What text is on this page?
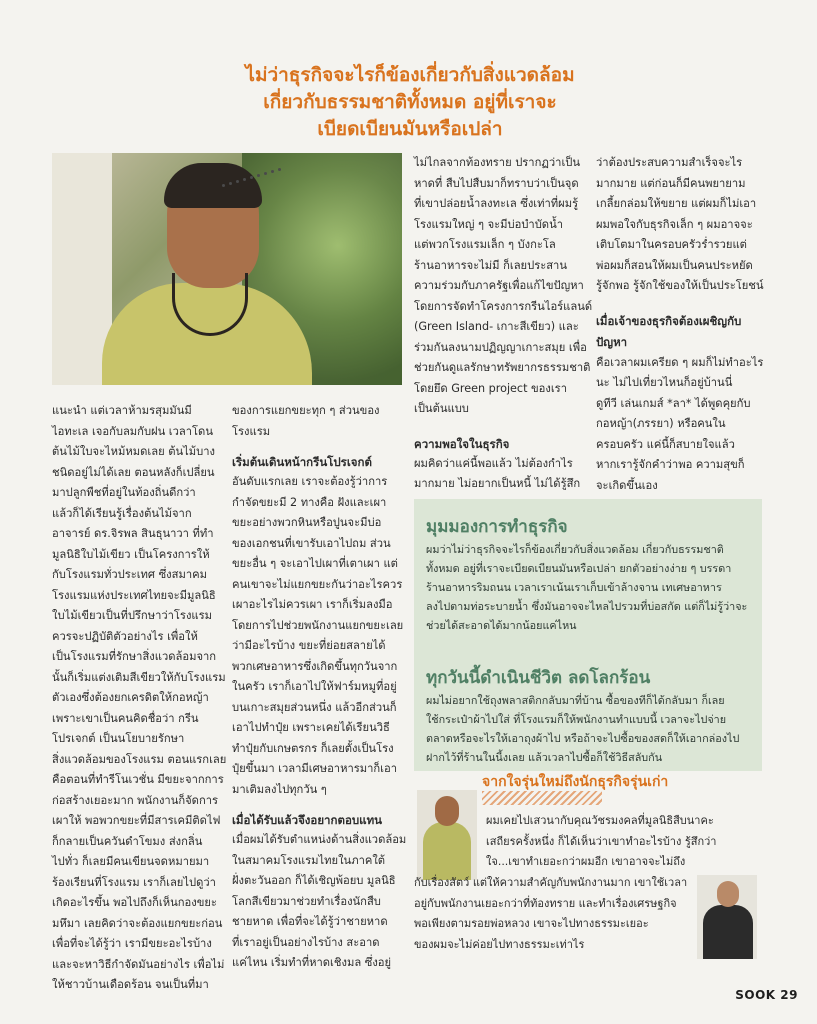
ไม่ว่าธุรกิจจะไรก็ข้องเกี่ยวกับสิ่งแวดล้อม
เกี่ยวกับธรรมชาติทั้งหมด อยู่ที่เราจะ
เบียดเบียนมันหรือเปล่า

แนะนำ แต่เวลาห้ามรสุมมันมี

ไอทะเล เจอกับลมกับฝน เวลาโดน

ต้นไม้ใบจะไหม้หมดเลย ต้นไม้บาง

ชนิดอยู่ไม่ได้เลย ตอนหลังก็เปลี่ยน

มาปลูกพืชที่อยู่ในท้องถิ่นดีกว่า

แล้วก็ได้เรียนรู้เรื่องต้นไม้จาก

อาจารย์ ดร.จิรพล สินธุนาวา ที่ทำ

มูลนิธิใบไม้เขียว เป็นโครงการให้

กับโรงแรมทั่วประเทศ ซึ่งสมาคม

โรงแรมแห่งประเทศไทยจะมีมูลนิธิ

ใบไม้เขียวเป็นที่ปรึกษาว่าโรงแรม

ควรจะปฏิบัติตัวอย่างไร เพื่อให้

เป็นโรงแรมที่รักษาสิ่งแวดล้อมจาก

นั้นก็เริ่มแต่งเติมสีเขียวให้กับโรงแรม

ตัวเองซึ่งต้องยกเครดิตให้กอหญ้า

เพราะเขาเป็นคนคิดชื่อว่า กรีน

โปรเจกต์ เป็นนโยบายรักษา

สิ่งแวดล้อมของโรงแรม ตอนแรกเลย

คือตอนที่ทำรีโนเวชั่น มีขยะจากการ

ก่อสร้างเยอะมาก พนักงานก็จัดการ

เผาให้ พอพวกขยะที่มีสารเคมีติดไฟ

ก็กลายเป็นควันดำโขมง ส่งกลิ่น

ไปทั่ว ก็เลยมีคนเขียนจดหมายมา

ร้องเรียนที่โรงแรม เราก็เลยไปดูว่า

เกิดอะไรขึ้น พอไปถึงก็เห็นกองขยะ

มหึมา เลยคิดว่าจะต้องแยกขยะก่อน

เพื่อที่จะได้รู้ว่า เรามีขยะอะไรบ้าง

และจะหาวิธีกำจัดมันอย่างไร เพื่อไม่

ให้ชาวบ้านเดือดร้อน จนเป็นที่มา

ของการแยกขยะทุก ๆ ส่วนของ

โรงแรม

เริ่มต้นเดินหน้ากรีนโปรเจกต์

อันดับแรกเลย เราจะต้องรู้ว่าการ

กำจัดขยะมี 2 ทางคือ ฝังและเผา

ขยะอย่างพวกหินหรือปูนจะมีบ่อ

ของเอกชนที่เขารับเอาไปถม ส่วน

ขยะอื่น ๆ จะเอาไปเผาที่เตาเผา แต่

คนเขาจะไม่แยกขยะกันว่าอะไรควร

เผาอะไรไม่ควรเผา เราก็เริ่มลงมือ

โดยการไปช่วยพนักงานแยกขยะเลย

ว่ามีอะไรบ้าง ขยะที่ย่อยสลายได้

พวกเศษอาหารซึ่งเกิดขึ้นทุกวันจาก

ในครัว เราก็เอาไปให้ฟาร์มหมูที่อยู่

บนเกาะสมุยส่วนหนึ่ง แล้วอีกส่วนก็

เอาไปทำปุ๋ย เพราะเคยได้เรียนวิธี

ทำปุ๋ยกับเกษตรกร ก็เลยตั้งเป็นโรง

ปุ๋ยขึ้นมา เวลามีเศษอาหารมาก็เอา

มาเติมลงไปทุกวัน ๆ

เมื่อได้รับแล้วจึงอยากตอบแทน

เมื่อผมได้รับตำแหน่งด้านสิ่งแวดล้อม

ในสมาคมโรงแรมไทยในภาคใต้

ฝั่งตะวันออก ก็ได้เชิญพ้อยบ มูลนิธิ

โลกสีเขียวมาช่วยทำเรื่องนักสืบ

ชายหาด เพื่อที่จะได้รู้ว่าชายหาด

ที่เราอยู่เป็นอย่างไรบ้าง สะอาด

แค่ไหน เริ่มทำที่หาดเชิงมล ซึ่งอยู่

ไม่ไกลจากท้องทราย ปรากฏว่าเป็น

หาดที่ สืบไปสืบมาก็ทราบว่าเป็นจุด

ที่เขาปล่อยน้ำลงทะเล ซึ่งเท่าที่ผมรู้

โรงแรมใหญ่ ๆ จะมีบ่อบำบัดน้ำ

แต่พวกโรงแรมเล็ก ๆ บังกะโล

ร้านอาหารจะไม่มี ก็เลยประสาน

ความร่วมกับภาครัฐเพื่อแก้ไขปัญหา

โดยการจัดทำโครงการกรีนไอร์แลนด์

(Green Island- เกาะสีเขียว) และ

ร่วมกันลงนามปฏิญญาเกาะสมุย เพื่อ

ช่วยกันดูแลรักษาทรัพยากรธรรมชาติ

โดยยึด Green project ของเรา

เป็นต้นแบบ

ความพอใจในธุรกิจ

ผมคิดว่าแค่นี้พอแล้ว ไม่ต้องกำไร

มากมาย ไม่อยากเป็นหนี้ ไม่ได้รู้สึก

ว่าต้องประสบความสำเร็จจะไร

มากมาย แต่ก่อนก็มีคนพยายาม

เกลี้ยกล่อมให้ขยาย แต่ผมก็ไม่เอา

ผมพอใจกับธุรกิจเล็ก ๆ ผมอาจจะ

เติบโตมาในครอบครัวร่ำรวยแต่

พ่อผมก็สอนให้ผมเป็นคนประหยัด

รู้จักพอ รู้จักใช้ของให้เป็นประโยชน์

เมื่อเจ้าของธุรกิจต้องเผชิญกับ
ปัญหา

คือเวลาผมเครียด ๆ ผมก็ไม่ทำอะไร

นะ ไม่ไปเที่ยวไหนก็อยู่บ้านนี่

ดูทีวี เล่นเกมส์ *ลา* ได้พูดคุยกับ

กอหญ้า(ภรรยา) หรือคนใน

ครอบครัว แค่นี้ก็สบายใจแล้ว

หากเรารู้จักคำว่าพอ ความสุขก็

จะเกิดขึ้นเอง

มุมมองการทำธุรกิจ

ผมว่าไม่ว่าธุรกิจจะไรก็ข้องเกี่ยวกับสิ่งแวดล้อม เกี่ยวกับธรรมชาติ

ทั้งหมด อยู่ที่เราจะเบียดเบียนมันหรือเปล่า ยกตัวอย่างง่าย ๆ บรรดา

ร้านอาหารริมถนน เวลาเราเน้นเราเก็บเข้าล้างจาน เทเศษอาหาร

ลงไปตามท่อระบายน้ำ ซึ่งมันอาจจะไหลไปรวมที่บ่อสกัด แต่ก็ไม่รู้ว่าจะ

ช่วยได้สะอาดได้มากน้อยแค่ไหน

ทุกวันนี้ดำเนินชีวิต ลดโลกร้อน

ผมไม่อยากใช้ถุงพลาสติกกลับมาที่บ้าน ซื้อของทีก็ได้กลับมา ก็เลย

ใช้กระเป๋าผ้าไปใส่ ที่โรงแรมก็ให้พนักงานทำแบบนี้ เวลาจะไปจ่าย

ตลาดหรือจะไรให้เอาถุงผ้าไป หรือถ้าจะไปซื้อของสดก็ให้เอากล่องไป

ฝากไว้ที่ร้านในนี้งเลย แล้วเวลาไปซื้อก็ใช้วิธีสลับกัน

จากใจรุ่นใหม่ถึงนักธุรกิจรุ่นเก่า

ผมเคยไปเสวนากับคุณวัชรมงคลที่มูลนิธิสืบนาคะ

เสถียรครั้งหนึ่ง ก็ได้เห็นว่าเขาทำอะไรบ้าง รู้สึกว่า

ใจ...เขาทำเยอะกว่าผมอีก เขาอาจจะไม่ถึง

กับเรื่องสัตว์ แต่ให้ความสำคัญกับพนักงานมาก เขาใช้เวลา

อยู่กับพนักงานเยอะกว่าที่ท้องทราย และทำเรื่องเศรษฐกิจ

พอเพียงตามรอยพ่อหลวง เขาจะไปทางธรรมะเยอะ

ของผมจะไม่ค่อยไปทางธรรมะเท่าไร

SOOK 29
